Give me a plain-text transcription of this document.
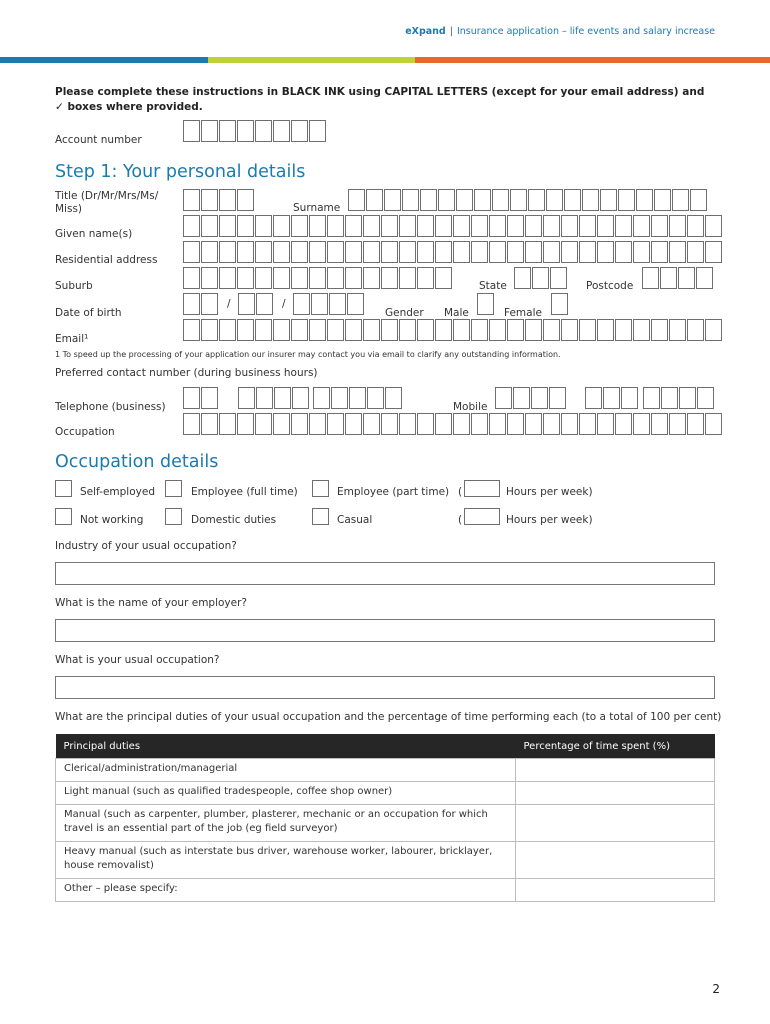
eXpand | Insurance application – life events and salary increase
Please complete these instructions in BLACK INK using CAPITAL LETTERS (except for your email address) and ✓ boxes where provided.
Account number
Step 1: Your personal details
Title (Dr/Mr/Mrs/Ms/ Miss)	Surname
Given name(s)
Residential address
Suburb	State	Postcode
Date of birth
/	/
Gender Male	Female
Email¹
1 To speed up the processing of your application our insurer may contact you via email to clarify any outstanding information.
Preferred contact number (during business hours)
Telephone (business)	Mobile
Occupation
Occupation details
Self-employed	Employee (full time)	Employee (part time) (	Hours per week)
Not working	Domestic duties	Casual	(	Hours per week)
Industry of your usual occupation?
What is the name of your employer?
What is your usual occupation?
What are the principal duties of your usual occupation and the percentage of time performing each (to a total of 100 per cent)
Principal duties	Percentage of time spent (%)
Clerical/administration/managerial	
Light manual (such as qualified tradespeople, coffee shop owner)	
Manual (such as carpenter, plumber, plasterer, mechanic or an occupation for which travel is an essential part of the job (eg field surveyor)	
Heavy manual (such as interstate bus driver, warehouse worker, labourer, bricklayer, house removalist)	
Other – please specify:	
2
